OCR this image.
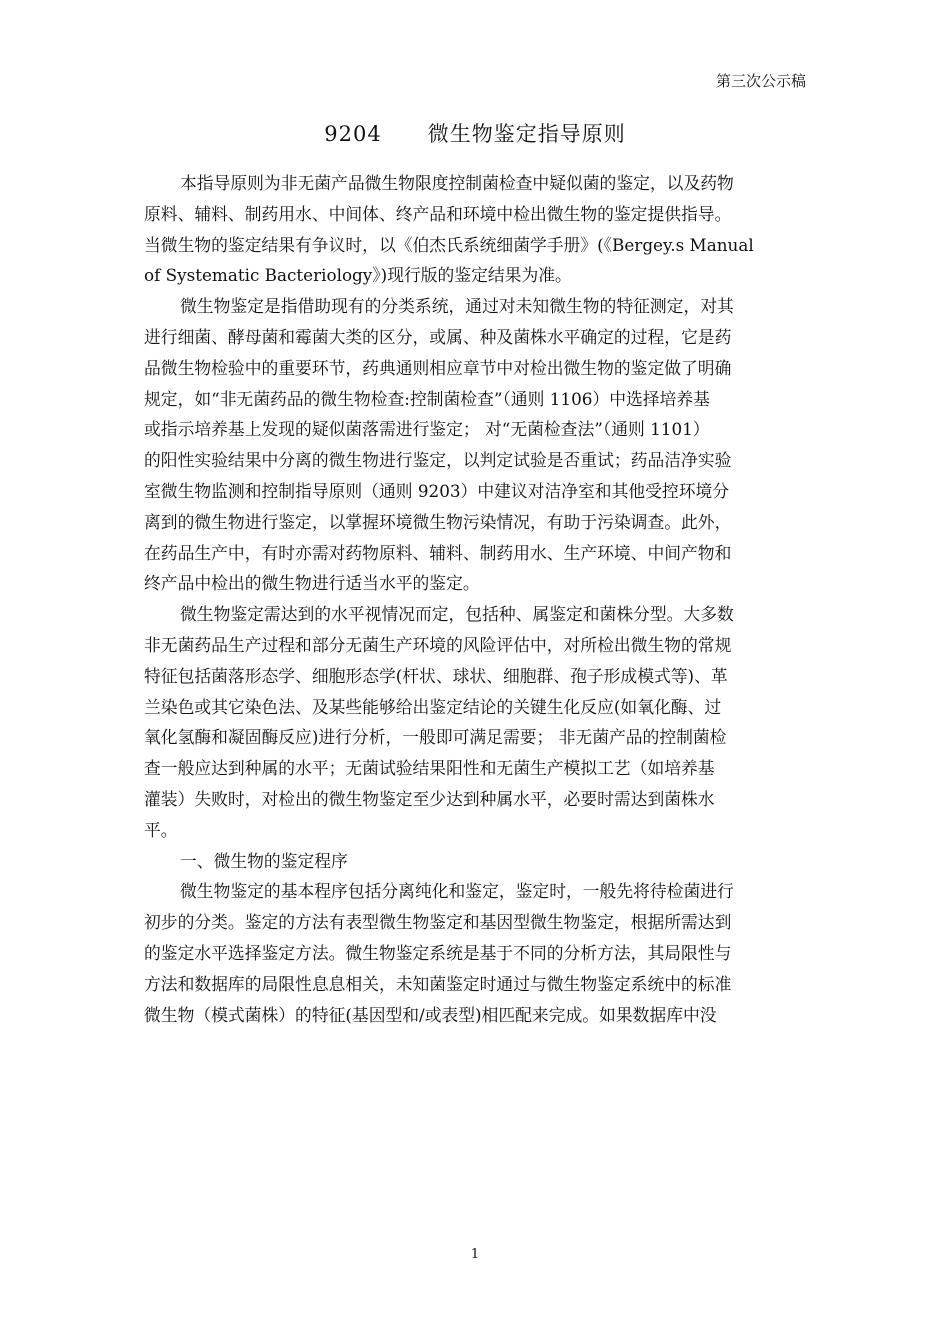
第三次公示稿
9204 微生物鉴定指导原则
本指导原则为非无菌产品微生物限度控制菌检查中疑似菌的鉴定，以及药物
原料、辅料、制药用水、中间体、终产品和环境中检出微生物的鉴定提供指导。
当微生物的鉴定结果有争议时，以《伯杰氏系统细菌学手册》(《Bergey.s Manual
of Systematic Bacteriology》)现行版的鉴定结果为准。
微生物鉴定是指借助现有的分类系统，通过对未知微生物的特征测定，对其
进行细菌、酵母菌和霉菌大类的区分，或属、种及菌株水平确定的过程，它是药
品微生物检验中的重要环节，药典通则相应章节中对检出微生物的鉴定做了明确
规定，如“非无菌药品的微生物检查:控制菌检查”（通则 1106）中选择培养基
或指示培养基上发现的疑似菌落需进行鉴定； 对“无菌检查法”（通则 1101）
的阳性实验结果中分离的微生物进行鉴定，以判定试验是否重试；药品洁净实验
室微生物监测和控制指导原则（通则 9203）中建议对洁净室和其他受控环境分
离到的微生物进行鉴定，以掌握环境微生物污染情况，有助于污染调查。此外，
在药品生产中，有时亦需对药物原料、辅料、制药用水、生产环境、中间产物和
终产品中检出的微生物进行适当水平的鉴定。
微生物鉴定需达到的水平视情况而定，包括种、属鉴定和菌株分型。大多数
非无菌药品生产过程和部分无菌生产环境的风险评估中，对所检出微生物的常规
特征包括菌落形态学、细胞形态学(杆状、球状、细胞群、孢子形成模式等)、革
兰染色或其它染色法、及某些能够给出鉴定结论的关键生化反应(如氧化酶、过
氧化氢酶和凝固酶反应)进行分析，一般即可满足需要； 非无菌产品的控制菌检
查一般应达到种属的水平；无菌试验结果阳性和无菌生产模拟工艺（如培养基
灌装）失败时，对检出的微生物鉴定至少达到种属水平，必要时需达到菌株水
平。
一、微生物的鉴定程序
微生物鉴定的基本程序包括分离纯化和鉴定，鉴定时，一般先将待检菌进行
初步的分类。鉴定的方法有表型微生物鉴定和基因型微生物鉴定，根据所需达到
的鉴定水平选择鉴定方法。微生物鉴定系统是基于不同的分析方法，其局限性与
方法和数据库的局限性息息相关，未知菌鉴定时通过与微生物鉴定系统中的标准
微生物（模式菌株）的特征(基因型和/或表型)相匹配来完成。如果数据库中没
1
